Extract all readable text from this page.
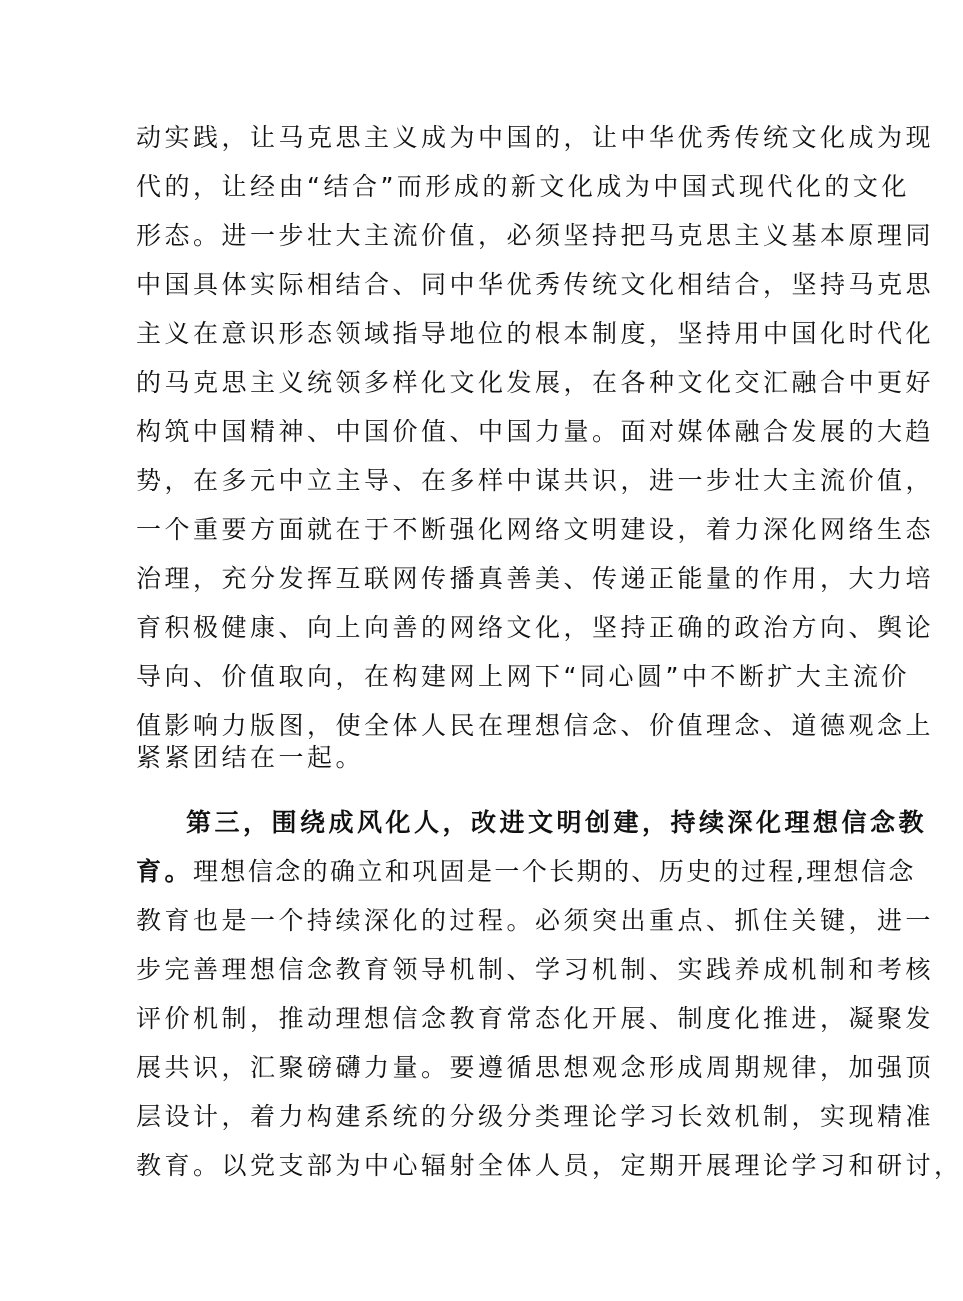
动实践，让马克思主义成为中国的，让中华优秀传统文化成为现
代的，让经由“结合”而形成的新文化成为中国式现代化的文化
形态。进一步壮大主流价值，必须坚持把马克思主义基本原理同
中国具体实际相结合、同中华优秀传统文化相结合，坚持马克思
主义在意识形态领域指导地位的根本制度，坚持用中国化时代化
的马克思主义统领多样化文化发展，在各种文化交汇融合中更好
构筑中国精神、中国价值、中国力量。面对媒体融合发展的大趋
势，在多元中立主导、在多样中谋共识，进一步壮大主流价值，
一个重要方面就在于不断强化网络文明建设，着力深化网络生态
治理，充分发挥互联网传播真善美、传递正能量的作用，大力培
育积极健康、向上向善的网络文化，坚持正确的政治方向、舆论
导向、价值取向，在构建网上网下“同心圆”中不断扩大主流价
值影响力版图，使全体人民在理想信念、价值理念、道德观念上
紧紧团结在一起。
第三，围绕成风化人，改进文明创建，持续深化理想信念教
育。理想信念的确立和巩固是一个长期的、历史的过程,理想信念
教育也是一个持续深化的过程。必须突出重点、抓住关键，进一
步完善理想信念教育领导机制、学习机制、实践养成机制和考核
评价机制，推动理想信念教育常态化开展、制度化推进，凝聚发
展共识，汇聚磅礴力量。要遵循思想观念形成周期规律，加强顶
层设计，着力构建系统的分级分类理论学习长效机制，实现精准
教育。以党支部为中心辐射全体人员，定期开展理论学习和研讨，
